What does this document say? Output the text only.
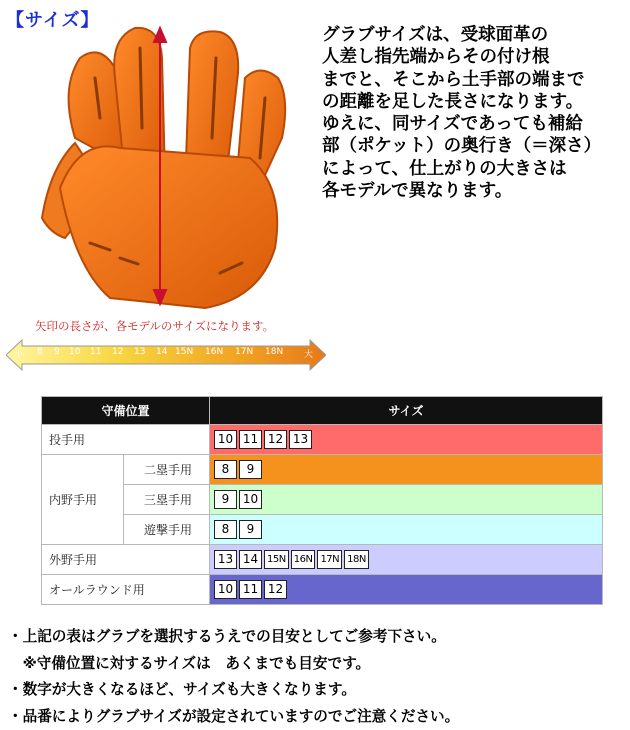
【サイズ】
グラブサイズは、受球面革の
人差し指先端からその付け根
までと、そこから土手部の端まで
の距離を足した長さになります。
ゆえに、同サイズであっても補給
部（ポケット）の奥行き（＝深さ）
によって、仕上がりの大きさは
各モデルで異なります。
矢印の長さが、各モデルのサイズになります。
小 8 9 10 11 12 13 14 15N 16N 17N 18N 大
守備位置		サイズ
投手用		10 11 12 13
内野手用	二塁手用	8 9
	三塁手用	9 10
	遊撃手用	8 9
外野手用		13 14 15N 16N 17N 18N
オールラウンド用		10 11 12
・上記の表はグラブを選択するうえでの目安としてご参考下さい。
　※守備位置に対するサイズは　あくまでも目安です。
・数字が大きくなるほど、サイズも大きくなります。
・品番によりグラブサイズが設定されていますのでご注意ください。
